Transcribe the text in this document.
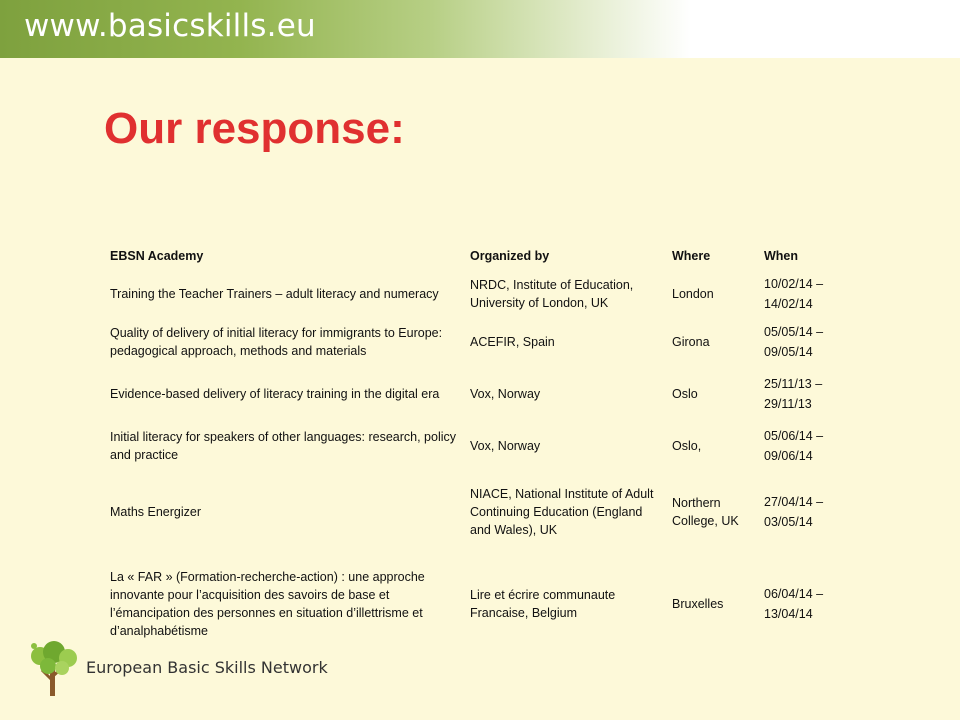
www.basicskills.eu
Our response:
EBSN Academy	Organized by	Where	When
Training the Teacher Trainers – adult literacy and numeracy	NRDC, Institute of Education, University of London, UK	London	10/02/14 – 14/02/14
Quality of delivery of initial literacy for immigrants to Europe: pedagogical approach, methods and materials	ACEFIR, Spain	Girona	05/05/14 – 09/05/14
Evidence-based delivery of literacy training in the digital era	Vox, Norway	Oslo	25/11/13 – 29/11/13
Initial literacy for speakers of other languages: research, policy and practice	Vox, Norway	Oslo,	05/06/14 – 09/06/14
Maths Energizer	NIACE, National Institute of Adult Continuing Education (England and Wales), UK	Northern College, UK	27/04/14 – 03/05/14
La « FAR » (Formation-recherche-action) : une approche innovante pour l’acquisition des savoirs de base et l’émancipation des personnes en situation d’illettrisme et d’analphabétisme	Lire et écrire communaute Francaise, Belgium	Bruxelles	06/04/14 – 13/04/14
European Basic Skills Network
